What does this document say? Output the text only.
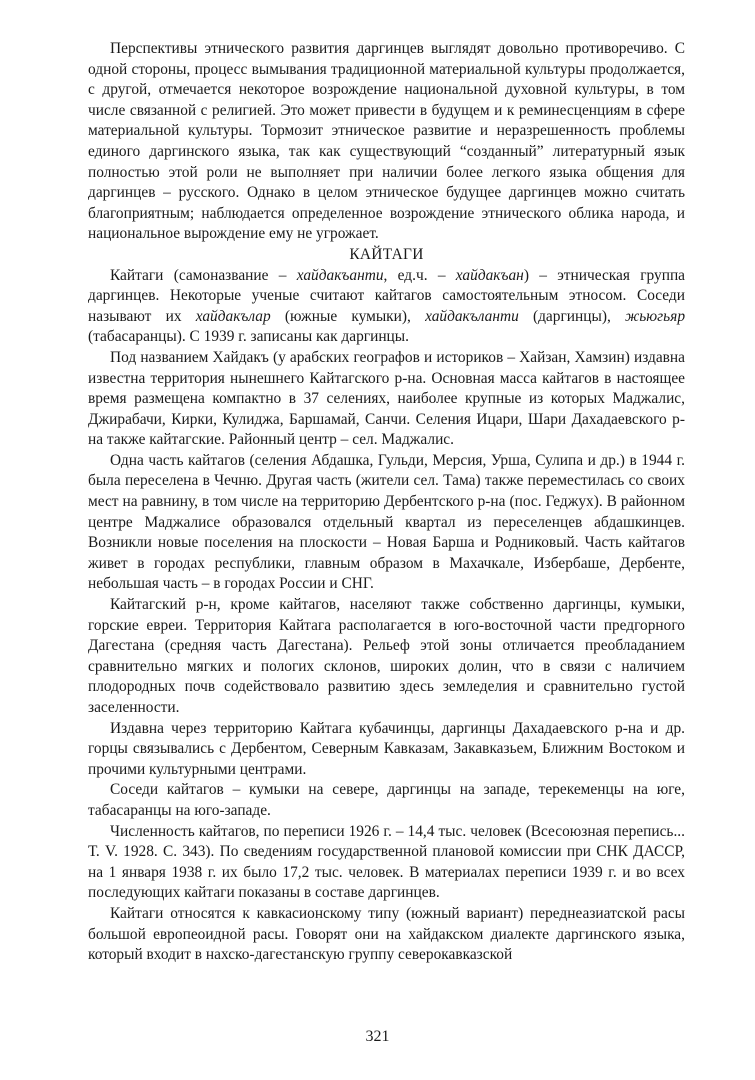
Перспективы этнического развития даргинцев выглядят довольно противоречиво. С одной стороны, процесс вымывания традиционной материальной культуры продолжается, с другой, отмечается некоторое возрождение национальной духовной культуры, в том числе связанной с религией. Это может привести в будущем и к реминесценциям в сфере материальной культуры. Тормозит этническое развитие и неразрешенность проблемы единого даргинского языка, так как существующий “созданный” литературный язык полностью этой роли не выполняет при наличии более легкого языка общения для даргинцев – русского. Однако в целом этническое будущее даргинцев можно считать благоприятным; наблюдается определенное возрождение этнического облика народа, и национальное вырождение ему не угрожает.

КАЙТАГИ

Кайтаги (самоназвание – хайдакъанти, ед.ч. – хайдакъан) – этническая группа даргинцев. Некоторые ученые считают кайтагов самостоятельным этносом. Соседи называют их хайдакълар (южные кумыки), хайдакъланти (даргинцы), жьюгьяр (табасаранцы). С 1939 г. записаны как даргинцы.

Под названием Хайдакъ (у арабских географов и историков – Хайзан, Хамзин) издавна известна территория нынешнего Кайтагского р-на. Основная масса кайтагов в настоящее время размещена компактно в 37 селениях, наиболее крупные из которых Маджалис, Джирабачи, Кирки, Кулиджа, Баршамай, Санчи. Селения Ицари, Шари Дахадаевского р-на также кайтагские. Районный центр – сел. Маджалис.

Одна часть кайтагов (селения Абдашка, Гульди, Мерсия, Урша, Сулипа и др.) в 1944 г. была переселена в Чечню. Другая часть (жители сел. Тама) также переместилась со своих мест на равнину, в том числе на территорию Дербентского р-на (пос. Геджух). В районном центре Маджалисе образовался отдельный квартал из переселенцев абдашкинцев. Возникли новые поселения на плоскости – Новая Барша и Родниковый. Часть кайтагов живет в городах республики, главным образом в Махачкале, Избербаше, Дербенте, небольшая часть – в городах России и СНГ.

Кайтагский р-н, кроме кайтагов, населяют также собственно даргинцы, кумыки, горские евреи. Территория Кайтага располагается в юго-восточной части предгорного Дагестана (средняя часть Дагестана). Рельеф этой зоны отличается преобладанием сравнительно мягких и пологих склонов, широких долин, что в связи с наличием плодородных почв содействовало развитию здесь земледелия и сравнительно густой заселенности.

Издавна через территорию Кайтага кубачинцы, даргинцы Дахадаевского р-на и др. горцы связывались с Дербентом, Северным Кавказам, Закавказьем, Ближним Востоком и прочими культурными центрами.

Соседи кайтагов – кумыки на севере, даргинцы на западе, терекеменцы на юге, табасаранцы на юго-западе.

Численность кайтагов, по переписи 1926 г. – 14,4 тыс. человек (Всесоюзная перепись... Т. V. 1928. С. 343). По сведениям государственной плановой комиссии при СНК ДАССР, на 1 января 1938 г. их было 17,2 тыс. человек. В материалах переписи 1939 г. и во всех последующих кайтаги показаны в составе даргинцев.

Кайтаги относятся к кавкасионскому типу (южный вариант) переднеазиатской расы большой европеоидной расы. Говорят они на хайдакском диалекте даргинского языка, который входит в нахско-дагестанскую группу северокавказской

321
